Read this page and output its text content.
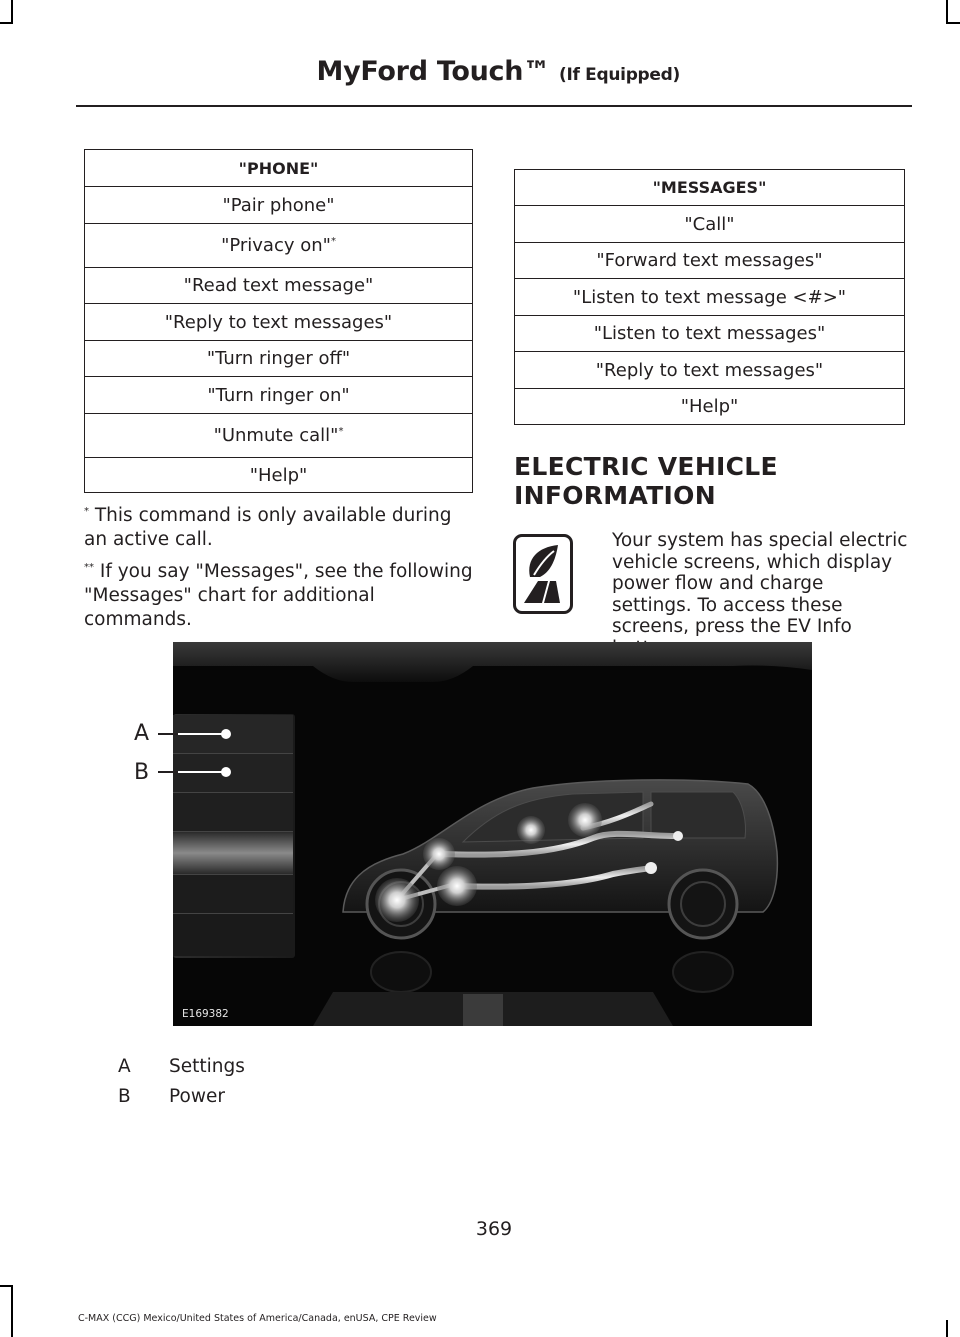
MyFord Touch™ (If Equipped)
"PHONE"
"Pair phone"
"Privacy on"*
"Read text message"
"Reply to text messages"
"Turn ringer off"
"Turn ringer on"
"Unmute call"*
"Help"
* This command is only available during an active call.
** If you say "Messages", see the following "Messages" chart for additional commands.
"MESSAGES"
"Call"
"Forward text messages"
"Listen to text message <#>"
"Listen to text messages"
"Reply to text messages"
"Help"
ELECTRIC VEHICLE
INFORMATION
Your system has special electric vehicle screens, which display power flow and charge settings. To access these screens, press the EV Info
E169382
A
B
A Settings
B Power
369
C-MAX (CCG) Mexico/United States of America/Canada, enUSA, CPE Review
